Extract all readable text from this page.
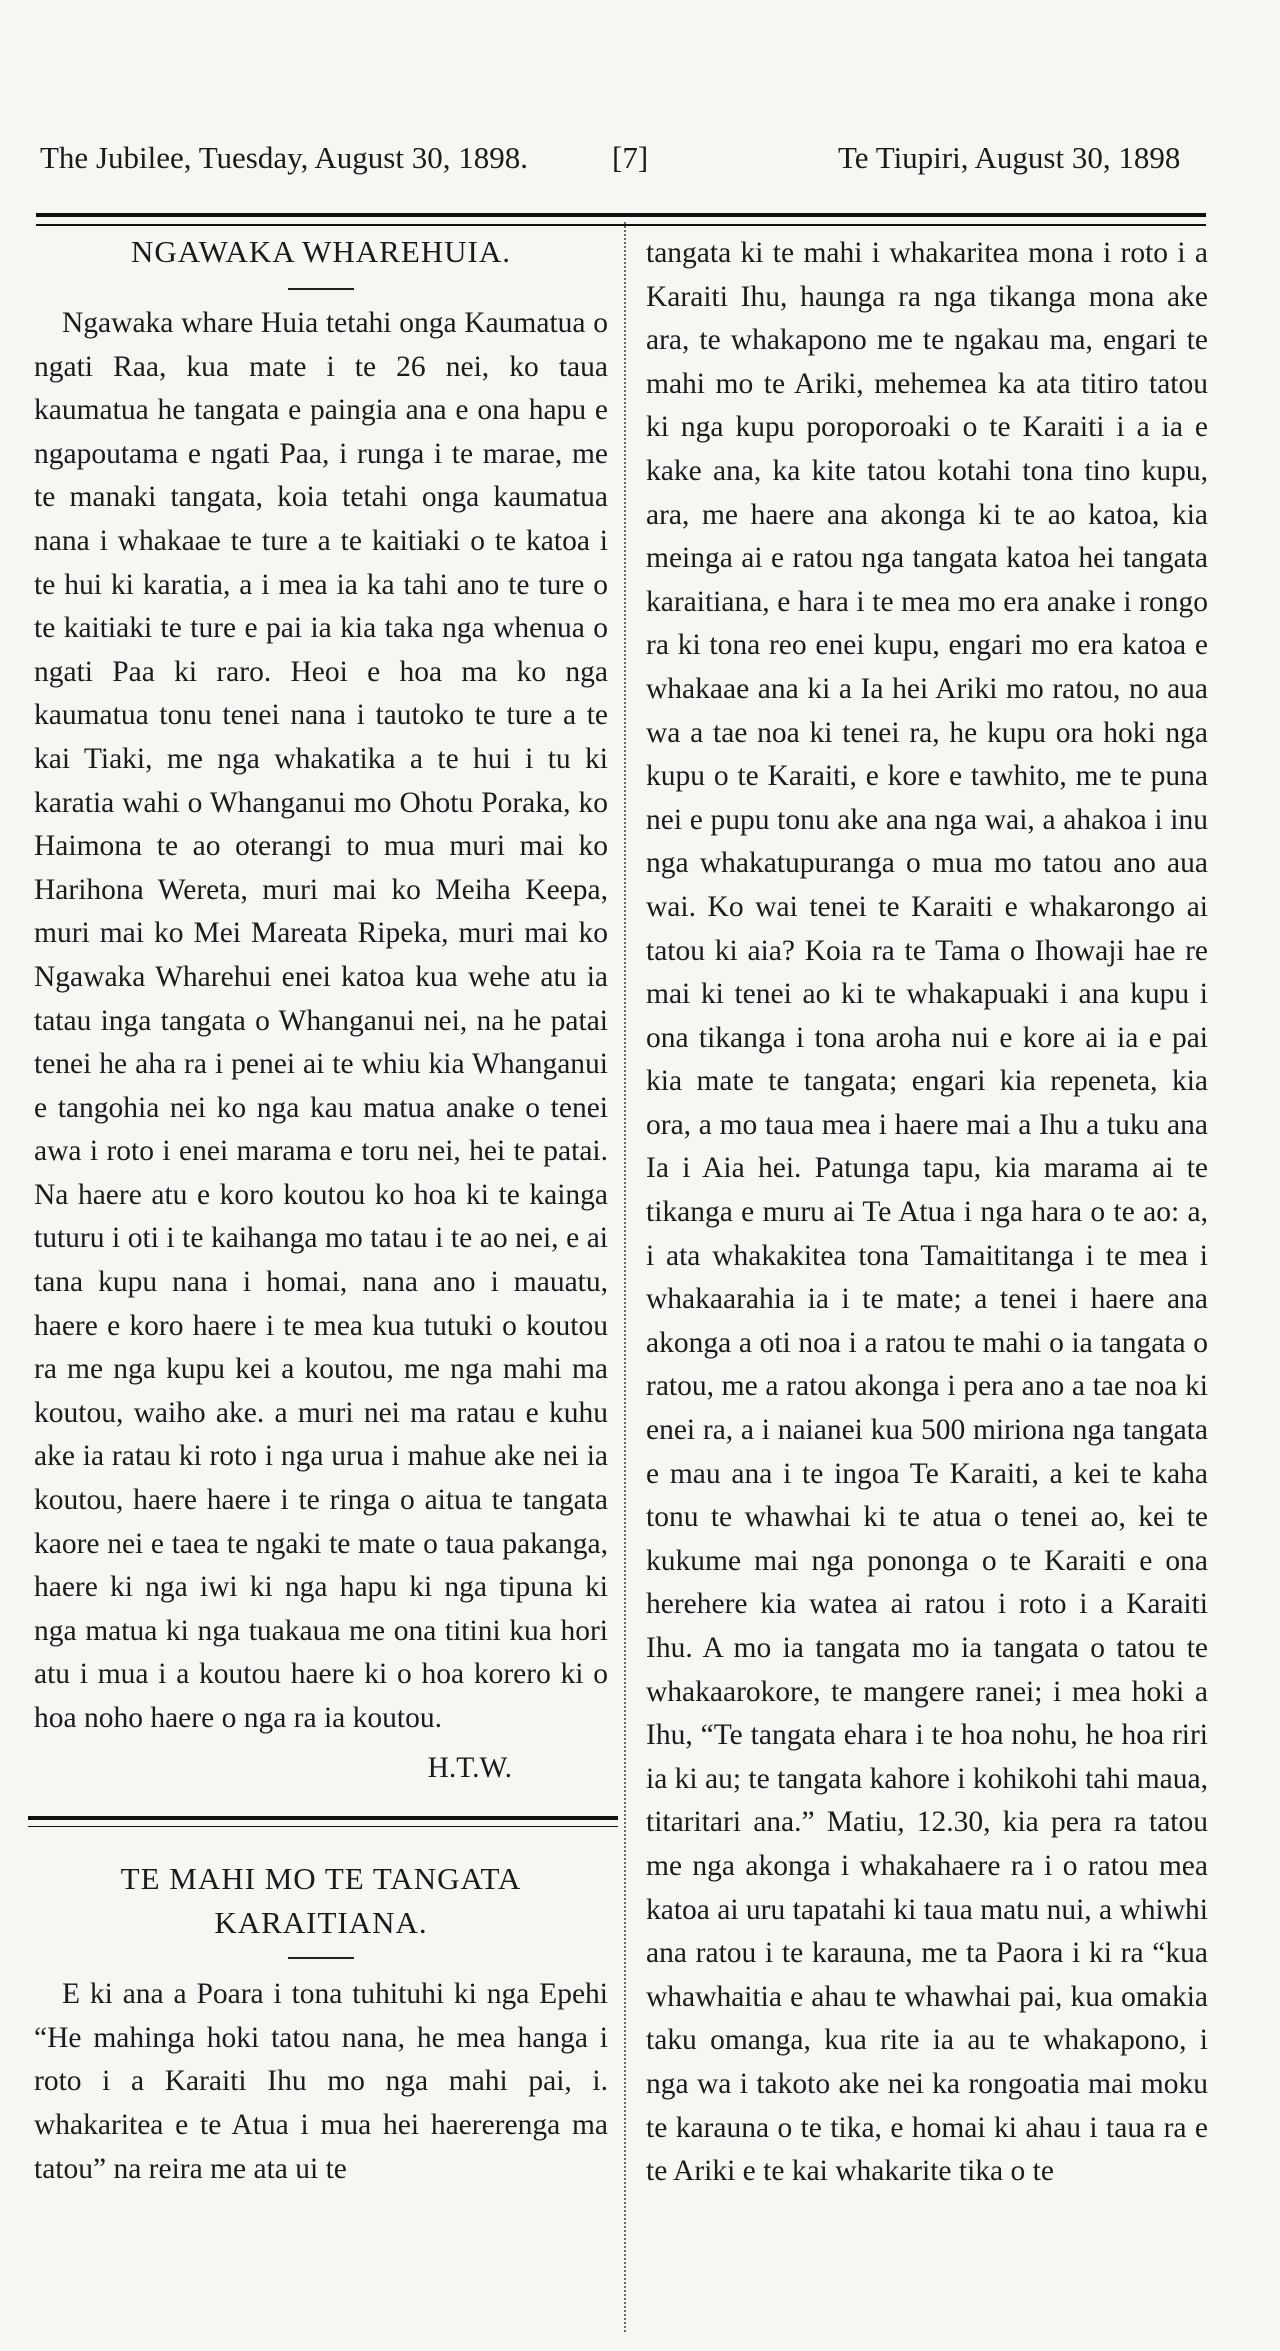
The Jubilee, Tuesday, August 30, 1898.	[7]	Te Tiupiri, August 30, 1898

NGAWAKA WHAREHUIA.

Ngawaka whare Huia tetahi onga Kaumatua o ngati Raa, kua mate i te 26 nei, ko taua kaumatua he tangata e paingia ana e ona hapu e ngapoutama e ngati Paa, i runga i te marae, me te manaki tangata, koia tetahi onga kaumatua nana i whakaae te ture a te kaitiaki o te katoa i te hui ki karatia, a i mea ia ka tahi ano te ture o te kaitiaki te ture e pai ia kia taka nga whenua o ngati Paa ki raro. Heoi e hoa ma ko nga kaumatua tonu tenei nana i tautoko te ture a te kai Tiaki, me nga whakatika a te hui i tu ki karatia wahi o Whanganui mo Ohotu Poraka, ko Haimona te ao oterangi to mua muri mai ko Harihona Wereta, muri mai ko Meiha Keepa, muri mai ko Mei Mareata Ripeka, muri mai ko Ngawaka Wharehui enei katoa kua wehe atu ia tatau inga tangata o Whanganui nei, na he patai tenei he aha ra i penei ai te whiu kia Whanganui e tangohia nei ko nga kau matua anake o tenei awa i roto i enei marama e toru nei, hei te patai. Na haere atu e koro koutou ko hoa ki te kainga tuturu i oti i te kaihanga mo tatau i te ao nei, e ai tana kupu nana i homai, nana ano i mauatu, haere e koro haere i te mea kua tutuki o koutou ra me nga kupu kei a koutou, me nga mahi ma koutou, waiho ake. a muri nei ma ratau e kuhu ake ia ratau ki roto i nga urua i mahue ake nei ia koutou, haere haere i te ringa o aitua te tangata kaore nei e taea te ngaki te mate o taua pakanga, haere ki nga iwi ki nga hapu ki nga tipuna ki nga matua ki nga tuakaua me ona titini kua hori atu i mua i a koutou haere ki o hoa korero ki o hoa noho haere o nga ra ia koutou.

H.T.W.

TE MAHI MO TE TANGATA

KARAITIANA.

E ki ana a Poara i tona tuhituhi ki nga Epehi “He mahinga hoki tatou nana, he mea hanga i roto i a Karaiti Ihu mo nga mahi pai, i. whakaritea e te Atua i mua hei haererenga ma tatou” na reira me ata ui te

tangata ki te mahi i whakaritea mona i roto i a Karaiti Ihu, haunga ra nga tikanga mona ake ara, te whakapono me te ngakau ma, engari te mahi mo te Ariki, mehemea ka ata titiro tatou ki nga kupu poroporoaki o te Karaiti i a ia e kake ana, ka kite tatou kotahi tona tino kupu, ara, me haere ana akonga ki te ao katoa, kia meinga ai e ratou nga tangata katoa hei tangata karaitiana, e hara i te mea mo era anake i rongo ra ki tona reo enei kupu, engari mo era katoa e whakaae ana ki a Ia hei Ariki mo ratou, no aua wa a tae noa ki tenei ra, he kupu ora hoki nga kupu o te Karaiti, e kore e tawhito, me te puna nei e pupu tonu ake ana nga wai, a ahakoa i inu nga whakatupuranga o mua mo tatou ano aua wai. Ko wai tenei te Karaiti e whakarongo ai tatou ki aia? Koia ra te Tama o Ihowaji hae re mai ki tenei ao ki te whakapuaki i ana kupu i ona tikanga i tona aroha nui e kore ai ia e pai kia mate te tangata; engari kia repeneta, kia ora, a mo taua mea i haere mai a Ihu a tuku ana Ia i Aia hei. Patunga tapu, kia marama ai te tikanga e muru ai Te Atua i nga hara o te ao: a, i ata whakakitea tona Tamaititanga i te mea i whakaarahia ia i te mate; a tenei i haere ana akonga a oti noa i a ratou te mahi o ia tangata o ratou, me a ratou akonga i pera ano a tae noa ki enei ra, a i naianei kua 500 miriona nga tangata e mau ana i te ingoa Te Karaiti, a kei te kaha tonu te whawhai ki te atua o tenei ao, kei te kukume mai nga pononga o te Karaiti e ona herehere kia watea ai ratou i roto i a Karaiti Ihu. A mo ia tangata mo ia tangata o tatou te whakaarokore, te mangere ranei; i mea hoki a Ihu, “Te tangata ehara i te hoa nohu, he hoa riri ia ki au; te tangata kahore i kohikohi tahi maua, titaritari ana.” Matiu, 12.30, kia pera ra tatou me nga akonga i whakahaere ra i o ratou mea katoa ai uru tapatahi ki taua matu nui, a whiwhi ana ratou i te karauna, me ta Paora i ki ra “kua whawhaitia e ahau te whawhai pai, kua omakia taku omanga, kua rite ia au te whakapono, i nga wa i takoto ake nei ka rongoatia mai moku te karauna o te tika, e homai ki ahau i taua ra e te Ariki e te kai whakarite tika o te
